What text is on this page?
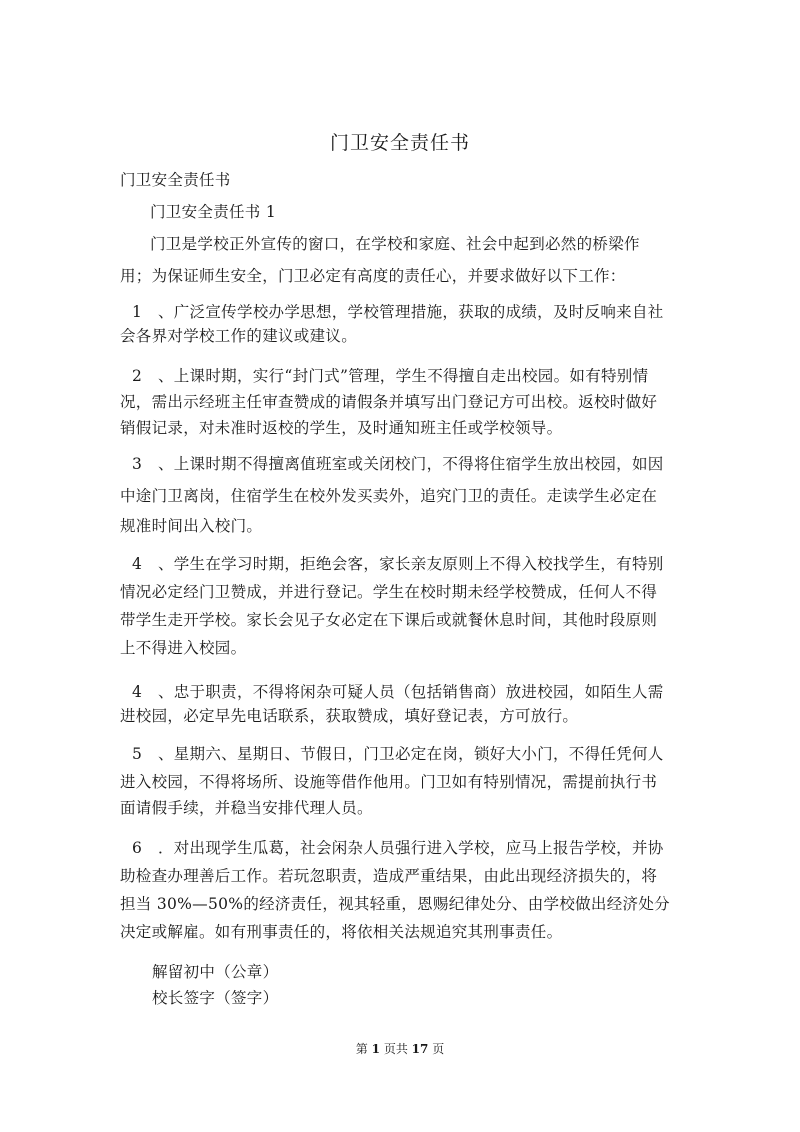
门卫安全责任书
门卫安全责任书
门卫安全责任书 1
门卫是学校正外宣传的窗口，在学校和家庭、社会中起到必然的桥梁作
用；为保证师生安全，门卫必定有高度的责任心，并要求做好以下工作：
1　、广泛宣传学校办学思想，学校管理措施，获取的成绩，及时反响来自社
会各界对学校工作的建议或建议。
2　、上课时期，实行“封门式”管理，学生不得擅自走出校园。如有特别情
况，需出示经班主任审查赞成的请假条并填写出门登记方可出校。返校时做好
销假记录，对未准时返校的学生，及时通知班主任或学校领导。
3　、上课时期不得擅离值班室或关闭校门，不得将住宿学生放出校园，如因
中途门卫离岗，住宿学生在校外发买卖外，追究门卫的责任。走读学生必定在
规准时间出入校门。
4　、学生在学习时期，拒绝会客，家长亲友原则上不得入校找学生，有特别
情况必定经门卫赞成，并进行登记。学生在校时期未经学校赞成，任何人不得
带学生走开学校。家长会见子女必定在下课后或就餐休息时间，其他时段原则
上不得进入校园。
4　、忠于职责，不得将闲杂可疑人员（包括销售商）放进校园，如陌生人需
进校园，必定早先电话联系，获取赞成，填好登记表，方可放行。
5　、星期六、星期日、节假日，门卫必定在岗，锁好大小门，不得任凭何人
进入校园，不得将场所、设施等借作他用。门卫如有特别情况，需提前执行书
面请假手续，并稳当安排代理人员。
6　．对出现学生瓜葛，社会闲杂人员强行进入学校，应马上报告学校，并协
助检查办理善后工作。若玩忽职责，造成严重结果，由此出现经济损失的，将
担当 30%—50%的经济责任，视其轻重，恩赐纪律处分、由学校做出经济处分
决定或解雇。如有刑事责任的，将依相关法规追究其刑事责任。
解留初中（公章）
校长签字（签字）
第 1 页共 17 页
